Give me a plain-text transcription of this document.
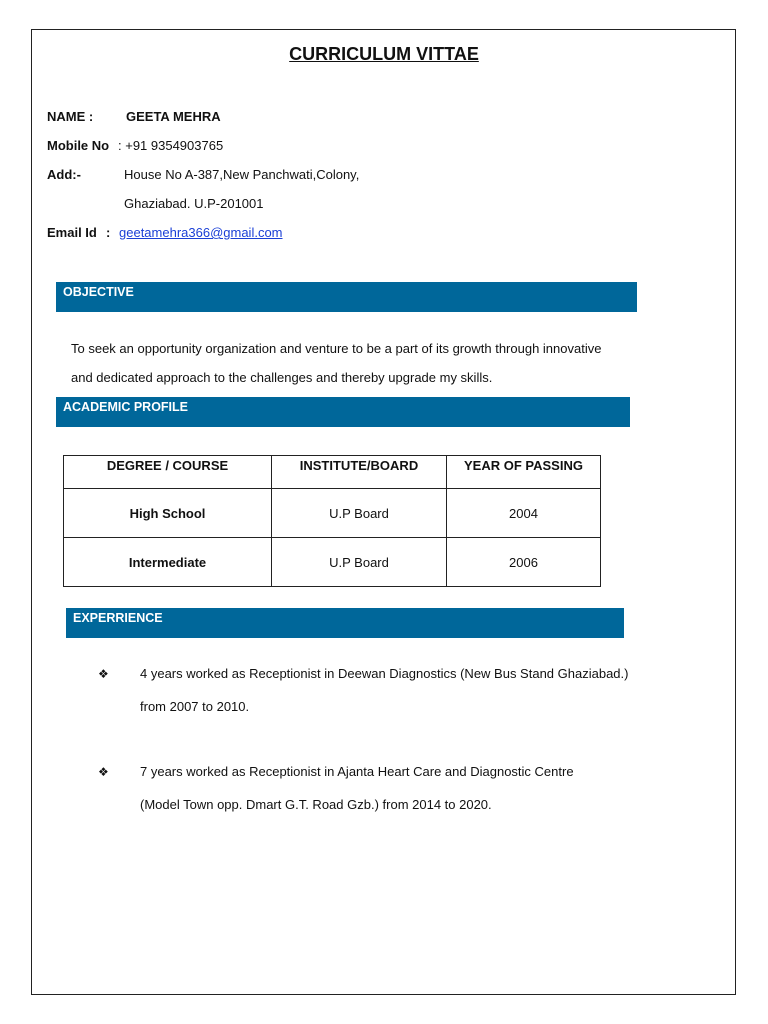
CURRICULUM VITTAE
NAME :	GEETA MEHRA
Mobile No : +91 9354903765
Add:-	House No A-387,New Panchwati,Colony,
Ghaziabad. U.P-201001
Email Id : geetamehra366@gmail.com
OBJECTIVE
To seek an opportunity organization and venture to be a part of its growth through innovative
and dedicated approach to the challenges and thereby upgrade my skills.
ACADEMIC PROFILE
DEGREE / COURSE	INSTITUTE/BOARD	YEAR OF PASSING
High School	U.P Board	2004
Intermediate	U.P Board	2006
EXPERRIENCE
❖ 4 years worked as Receptionist in Deewan Diagnostics (New Bus Stand Ghaziabad.)
from 2007 to 2010.
❖ 7 years worked as Receptionist in Ajanta Heart Care and Diagnostic Centre
(Model Town opp. Dmart G.T. Road Gzb.) from 2014 to 2020.
